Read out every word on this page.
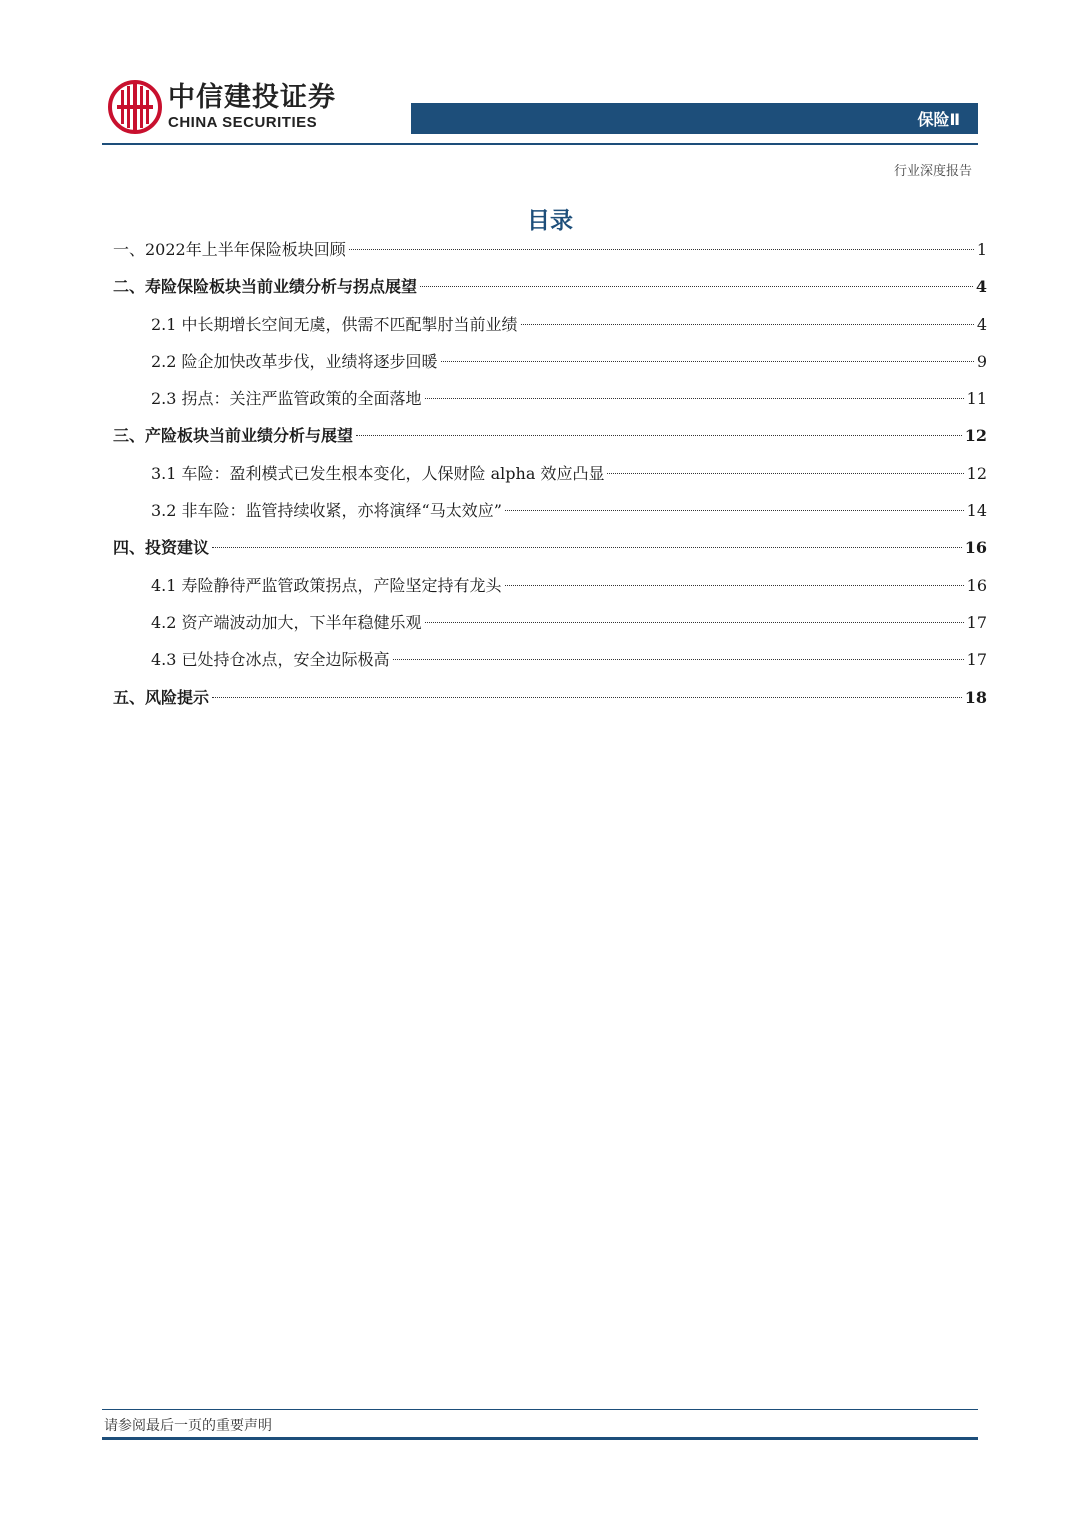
中信建投证券
CHINA SECURITIES	保险Ⅱ
行业深度报告
目录
一、2022年上半年保险板块回顾	1
二、寿险保险板块当前业绩分析与拐点展望	4
2.1 中长期增长空间无虞，供需不匹配掣肘当前业绩	4
2.2 险企加快改革步伐，业绩将逐步回暖	9
2.3 拐点：关注严监管政策的全面落地	11
三、产险板块当前业绩分析与展望	12
3.1 车险：盈利模式已发生根本变化，人保财险 alpha 效应凸显	12
3.2 非车险：监管持续收紧，亦将演绎“马太效应”	14
四、投资建议	16
4.1 寿险静待严监管政策拐点，产险坚定持有龙头	16
4.2 资产端波动加大，下半年稳健乐观	17
4.3 已处持仓冰点，安全边际极高	17
五、风险提示	18
请参阅最后一页的重要声明
